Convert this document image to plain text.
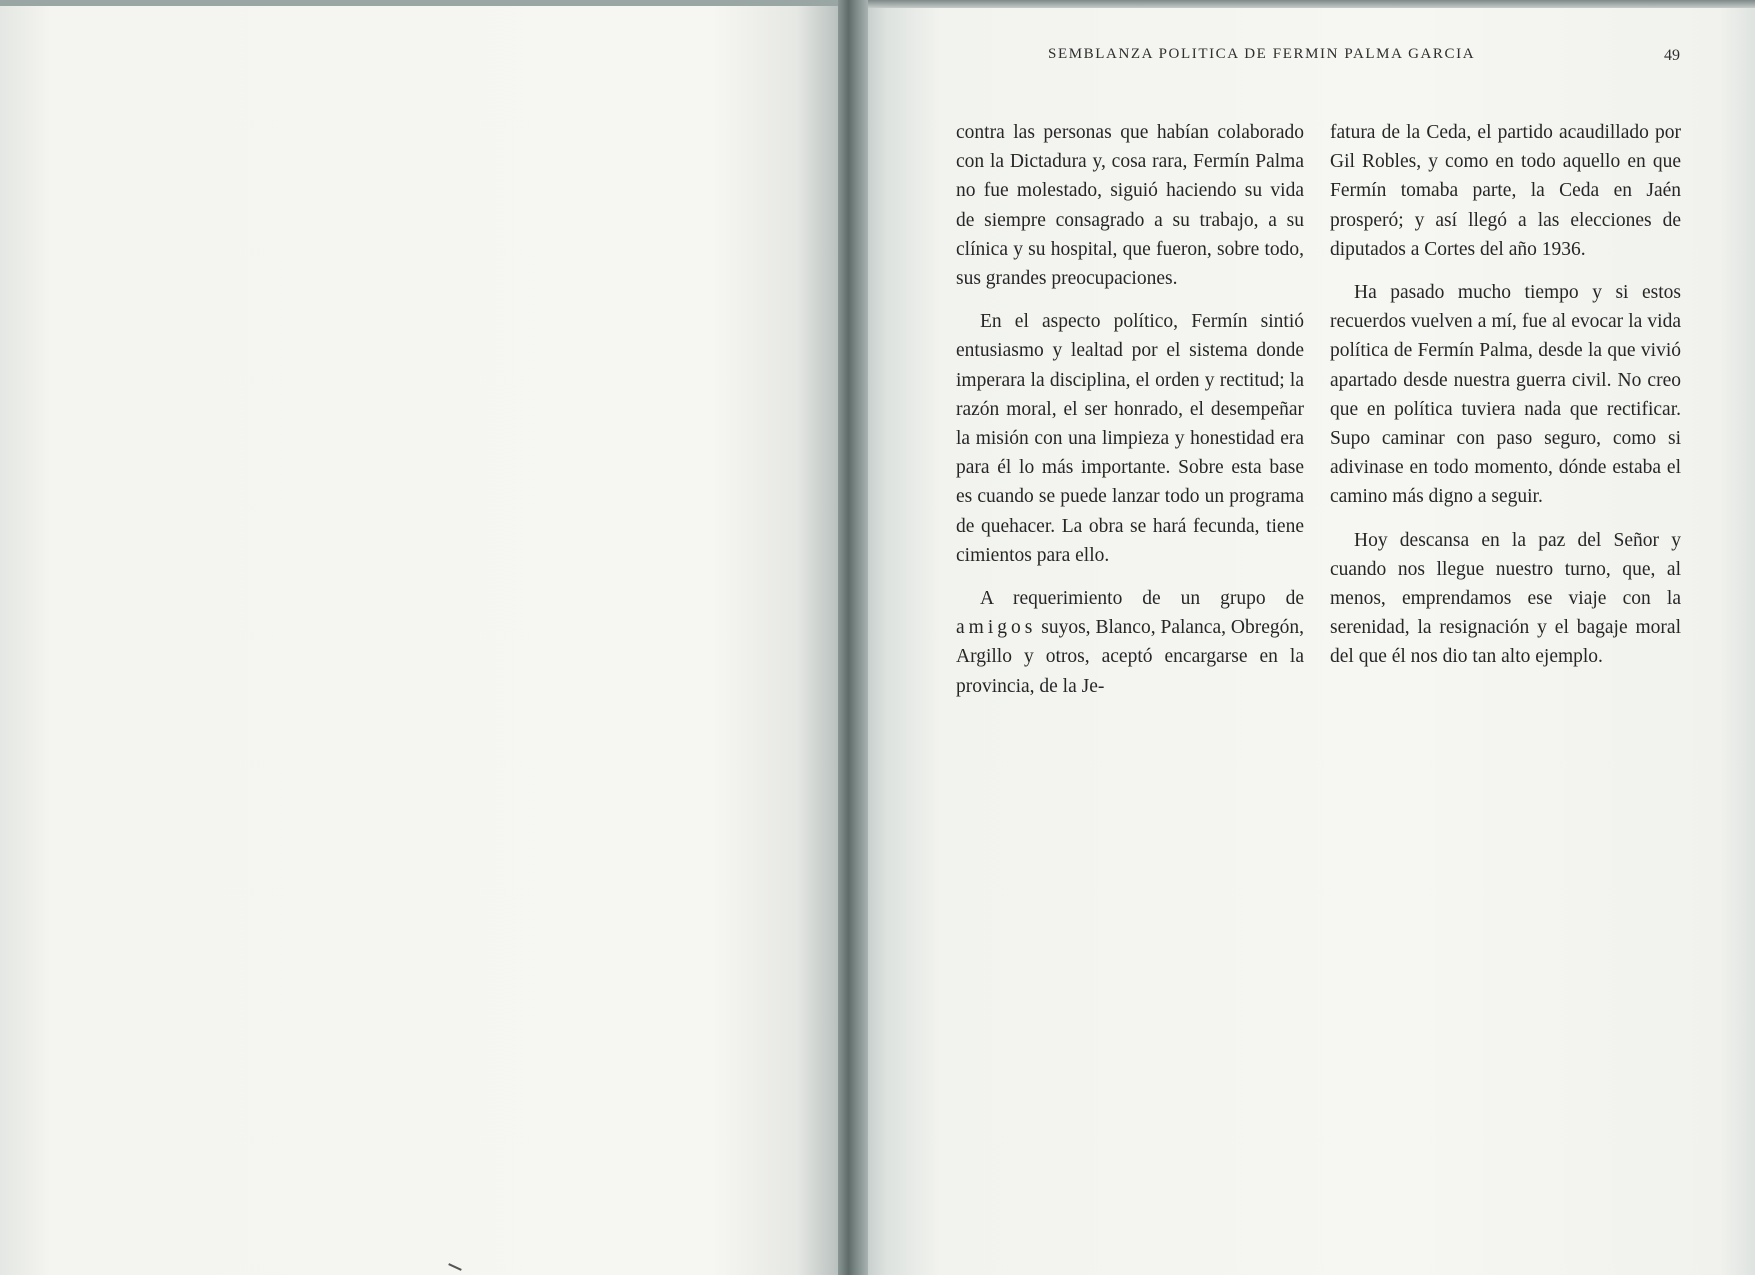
SEMBLANZA POLITICA DE FERMIN PALMA GARCIA	49

contra las personas que habían colaborado con la Dictadura y, cosa rara, Fermín Palma no fue molestado, siguió haciendo su vida de siempre consagrado a su trabajo, a su clínica y su hospital, que fueron, sobre todo, sus grandes preocupaciones.

En el aspecto político, Fermín sintió entusiasmo y lealtad por el sistema donde imperara la disciplina, el orden y rectitud; la razón moral, el ser honrado, el desempeñar la misión con una limpieza y honestidad era para él lo más importante. Sobre esta base es cuando se puede lanzar todo un programa de quehacer. La obra se hará fecunda, tiene cimientos para ello.

A requerimiento de un grupo de amigos suyos, Blanco, Palanca, Obregón, Argillo y otros, aceptó encargarse en la provincia, de la Je-

fatura de la Ceda, el partido acaudillado por Gil Robles, y como en todo aquello en que Fermín tomaba parte, la Ceda en Jaén prosperó; y así llegó a las elecciones de diputados a Cortes del año 1936.

Ha pasado mucho tiempo y si estos recuerdos vuelven a mí, fue al evocar la vida política de Fermín Palma, desde la que vivió apartado desde nuestra guerra civil. No creo que en política tuviera nada que rectificar. Supo caminar con paso seguro, como si adivinase en todo momento, dónde estaba el camino más digno a seguir.

Hoy descansa en la paz del Señor y cuando nos llegue nuestro turno, que, al menos, emprendamos ese viaje con la serenidad, la resignación y el bagaje moral del que él nos dio tan alto ejemplo.
